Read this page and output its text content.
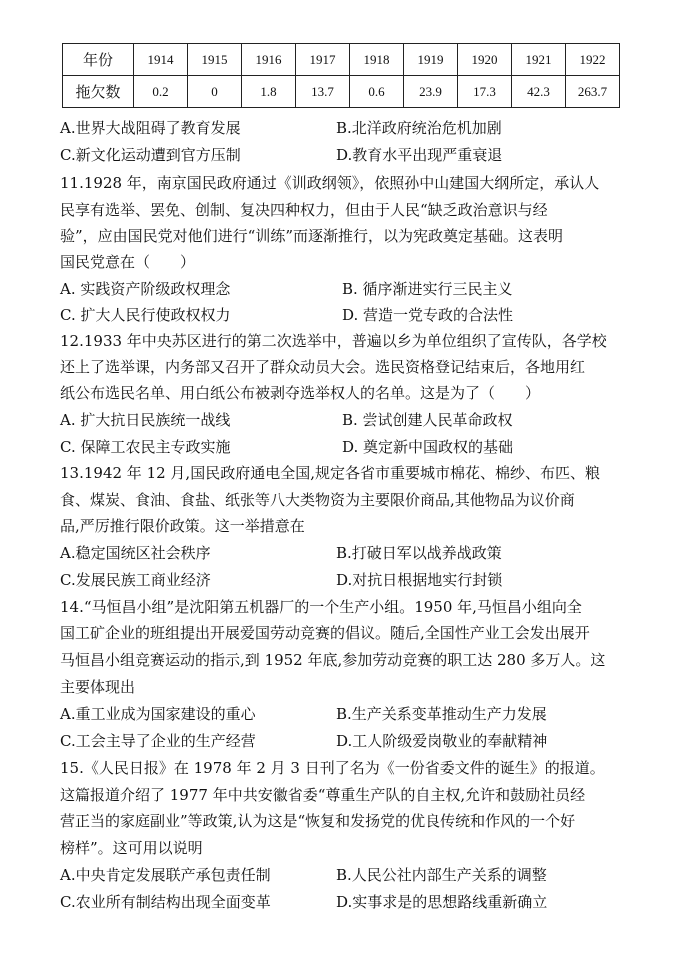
年份	1914	1915	1916	1917	1918	1919	1920	1921	1922
拖欠数	0.2	0	1.8	13.7	0.6	23.9	17.3	42.3	263.7
A.世界大战阻碍了教育发展	B.北洋政府统治危机加剧
C.新文化运动遭到官方压制	D.教育水平出现严重衰退
11.1928 年，南京国民政府通过《训政纲领》，依照孙中山建国大纲所定，承认人
民享有选举、罢免、创制、复决四种权力，但由于人民“缺乏政治意识与经
验”，应由国民党对他们进行“训练”而逐渐推行，以为宪政奠定基础。这表明
国民党意在（　　）
A. 实践资产阶级政权理念	B. 循序渐进实行三民主义
C. 扩大人民行使政权权力	D. 营造一党专政的合法性
12.1933 年中央苏区进行的第二次选举中，普遍以乡为单位组织了宣传队，各学校
还上了选举课，内务部又召开了群众动员大会。选民资格登记结束后，各地用红
纸公布选民名单、用白纸公布被剥夺选举权人的名单。这是为了（　　）
A. 扩大抗日民族统一战线	B. 尝试创建人民革命政权
C. 保障工农民主专政实施	D. 奠定新中国政权的基础
13.1942 年 12 月,国民政府通电全国,规定各省市重要城市棉花、棉纱、布匹、粮
食、煤炭、食油、食盐、纸张等八大类物资为主要限价商品,其他物品为议价商
品,严厉推行限价政策。这一举措意在
A.稳定国统区社会秩序	B.打破日军以战养战政策
C.发展民族工商业经济	D.对抗日根据地实行封锁
14.“马恒昌小组”是沈阳第五机器厂的一个生产小组。1950 年,马恒昌小组向全
国工矿企业的班组提出开展爱国劳动竞赛的倡议。随后,全国性产业工会发出展开
马恒昌小组竞赛运动的指示,到 1952 年底,参加劳动竞赛的职工达 280 多万人。这
主要体现出
A.重工业成为国家建设的重心	B.生产关系变革推动生产力发展
C.工会主导了企业的生产经营	D.工人阶级爱岗敬业的奉献精神
15.《人民日报》在 1978 年 2 月 3 日刊了名为《一份省委文件的诞生》的报道。
这篇报道介绍了 1977 年中共安徽省委“尊重生产队的自主权,允许和鼓励社员经
营正当的家庭副业”等政策,认为这是“恢复和发扬党的优良传统和作风的一个好
榜样”。这可用以说明
A.中央肯定发展联产承包责任制	B.人民公社内部生产关系的调整
C.农业所有制结构出现全面变革	D.实事求是的思想路线重新确立
